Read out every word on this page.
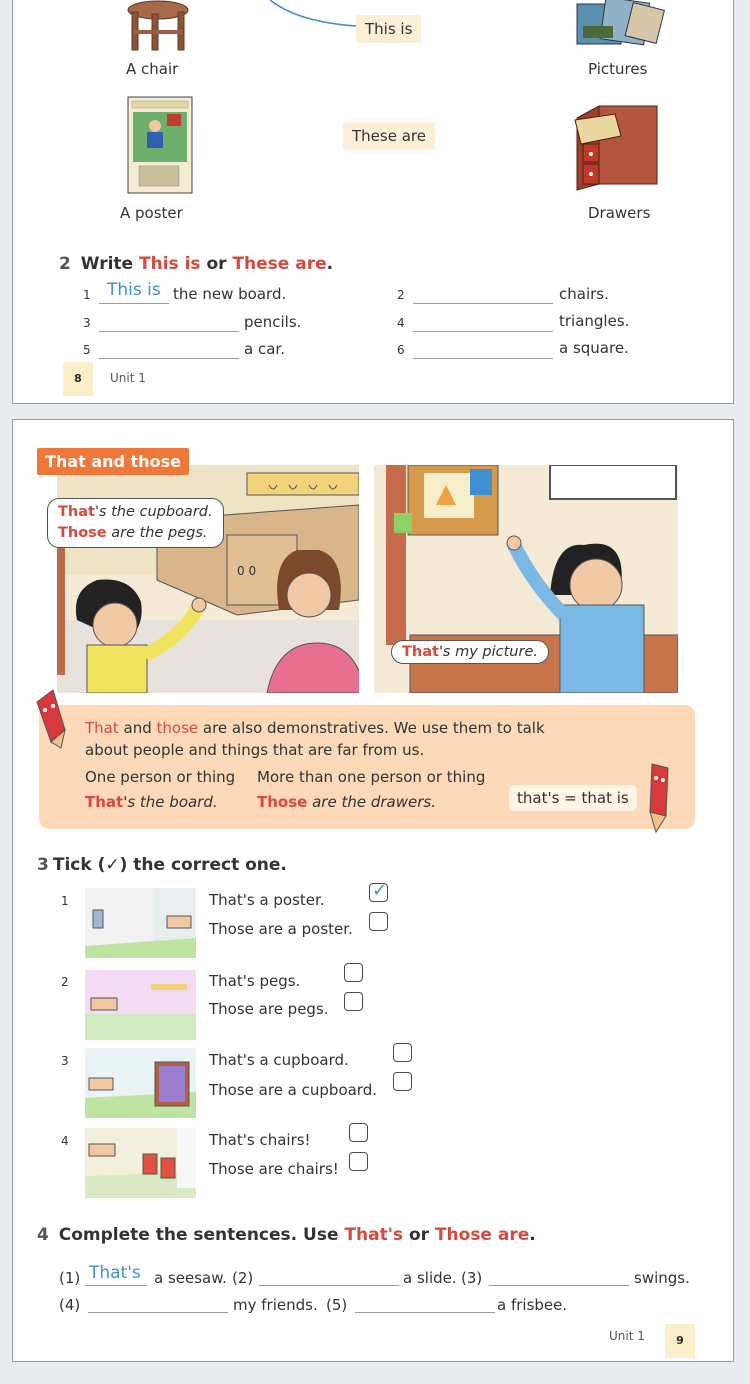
A chair
This is
These are
Pictures
A poster	Drawers
2 Write This is or These are.
1 This is the new board.	2	chairs.
3	pencils.	4	triangles.
5	a car.	6	a square.
8	Unit 1
0 0
That and those
That's the cupboard.
Those are the pegs.
That's my picture.
That and those are also demonstratives. We use them to talk
about people and things that are far from us.
One person or thing More than one person or thing
That's the board.	Those are the drawers.	that's = that is
3 Tick (✓) the correct one.
1	That's a poster.	✓
Those are a poster.
2	That's pegs.
Those are pegs.
3	That's a cupboard.
Those are a cupboard.
4	That's chairs!
Those are chairs!
4 Complete the sentences. Use That's or Those are.
(1) That's a seesaw. (2)	a slide. (3)	swings.
(4)	my friends. (5)	a frisbee.
Unit 1	9
